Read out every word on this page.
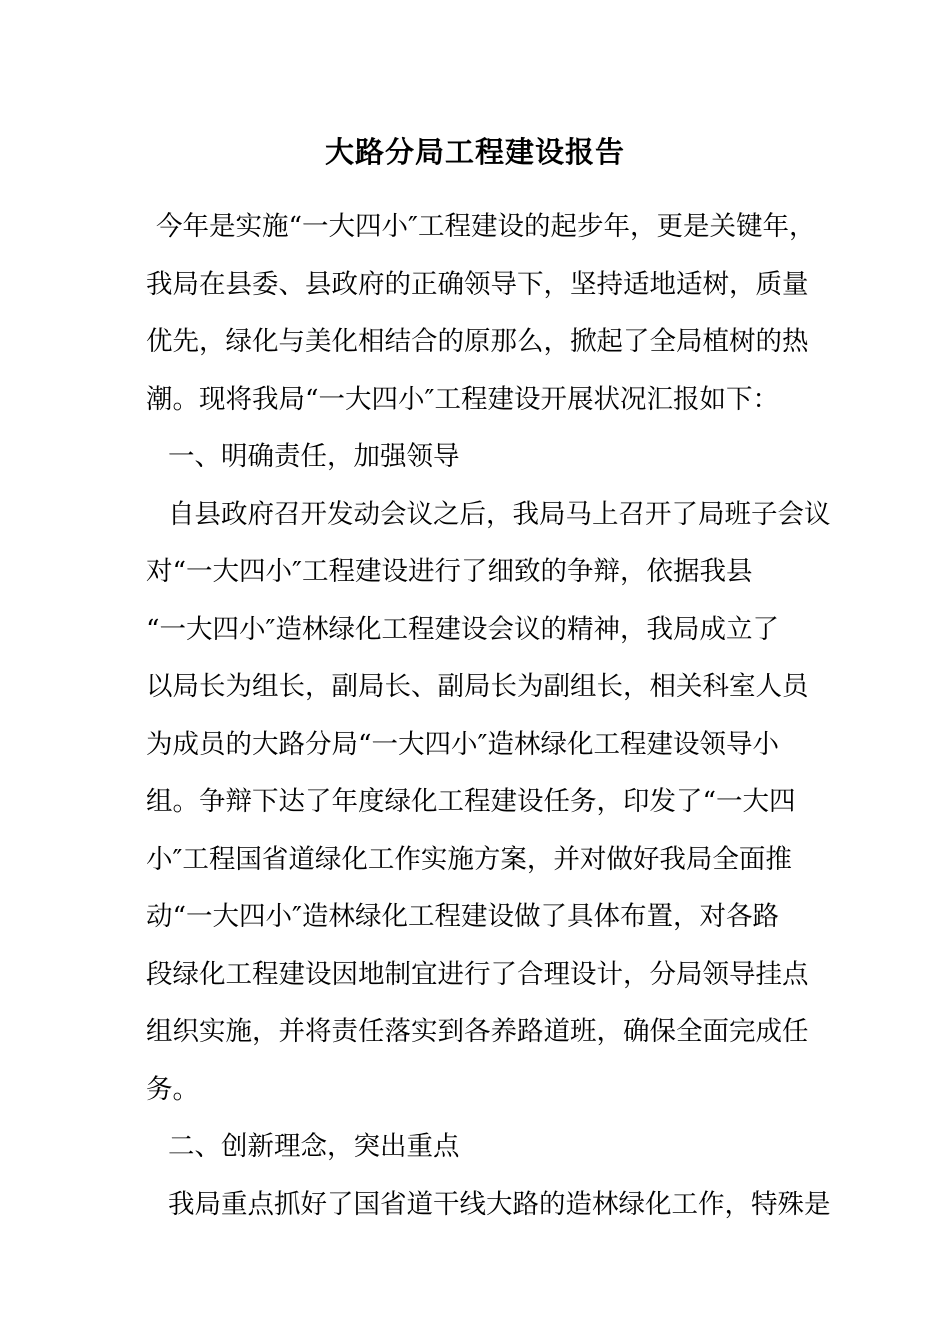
大路分局工程建设报告
今年是实施“一大四小″工程建设的起步年，更是关键年，
我局在县委、县政府的正确领导下，坚持适地适树，质量
优先，绿化与美化相结合的原那么，掀起了全局植树的热
潮。现将我局“一大四小″工程建设开展状况汇报如下：
一、明确责任，加强领导
自县政府召开发动会议之后，我局马上召开了局班子会议
对“一大四小″工程建设进行了细致的争辩，依据我县
“一大四小″造林绿化工程建设会议的精神，我局成立了
以局长为组长，副局长、副局长为副组长，相关科室人员
为成员的大路分局“一大四小″造林绿化工程建设领导小
组。争辩下达了年度绿化工程建设任务，印发了“一大四
小″工程国省道绿化工作实施方案，并对做好我局全面推
动“一大四小″造林绿化工程建设做了具体布置，对各路
段绿化工程建设因地制宜进行了合理设计，分局领导挂点
组织实施，并将责任落实到各养路道班，确保全面完成任
务。
二、创新理念，突出重点
我局重点抓好了国省道干线大路的造林绿化工作，特殊是
